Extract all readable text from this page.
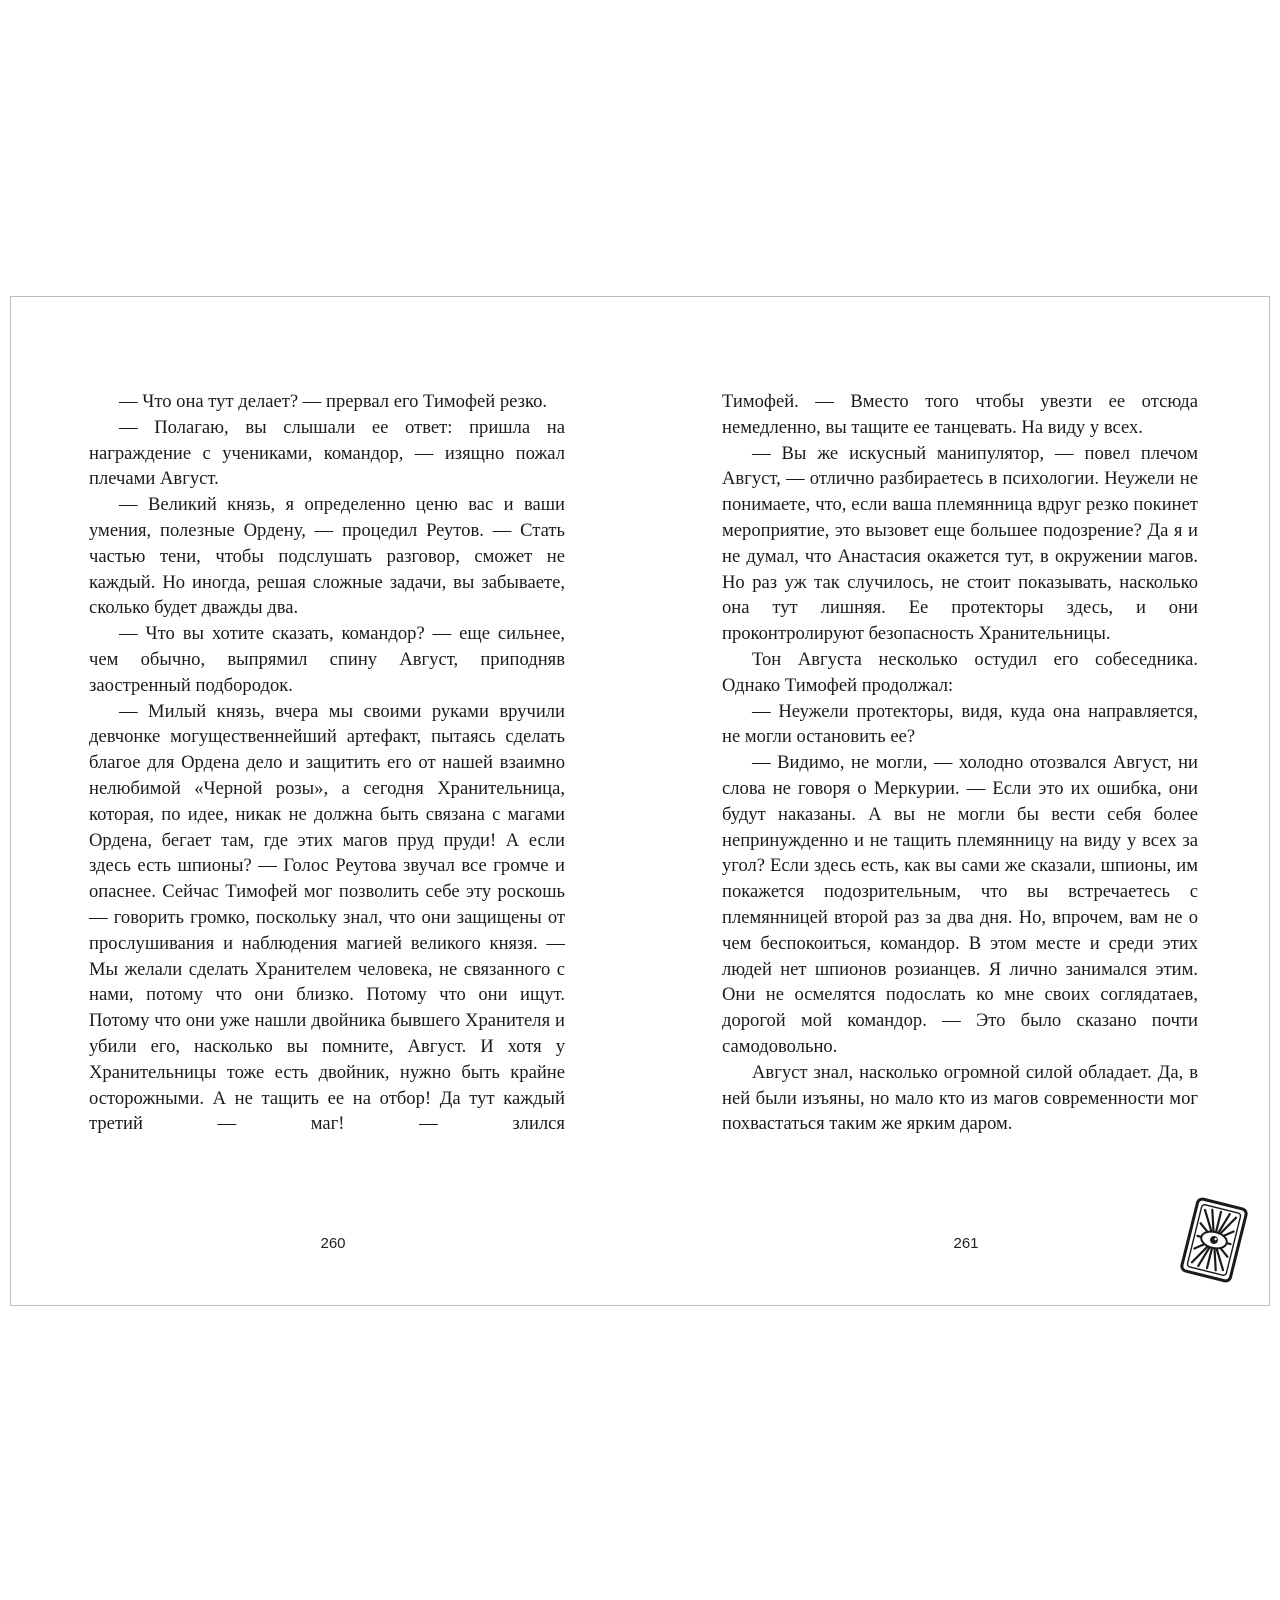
— Что она тут делает? — прервал его Тимофей резко.

— Полагаю, вы слышали ее ответ: пришла на награждение с учениками, командор, — изящно пожал плечами Август.

— Великий князь, я определенно ценю вас и ваши умения, полезные Ордену, — процедил Реутов. — Стать частью тени, чтобы подслушать разговор, сможет не каждый. Но иногда, решая сложные задачи, вы забываете, сколько будет дважды два.

— Что вы хотите сказать, командор? — еще сильнее, чем обычно, выпрямил спину Август, приподняв заостренный подбородок.

— Милый князь, вчера мы своими руками вручили девчонке могущественнейший артефакт, пытаясь сделать благое для Ордена дело и защитить его от нашей взаимно нелюбимой «Черной розы», а сегодня Хранительница, которая, по идее, никак не должна быть связана с магами Ордена, бегает там, где этих магов пруд пруди! А если здесь есть шпионы? — Голос Реутова звучал все громче и опаснее. Сейчас Тимофей мог позволить себе эту роскошь — говорить громко, поскольку знал, что они защищены от прослушивания и наблюдения магией великого князя. — Мы желали сделать Хранителем человека, не связанного с нами, потому что они близко. Потому что они ищут. Потому что они уже нашли двойника бывшего Хранителя и убили его, насколько вы помните, Август. И хотя у Хранительницы тоже есть двойник, нужно быть крайне осторожными. А не тащить ее на отбор! Да тут каждый третий — маг! — злился

260

Тимофей. — Вместо того чтобы увезти ее отсюда немедленно, вы тащите ее танцевать. На виду у всех.

— Вы же искусный манипулятор, — повел плечом Август, — отлично разбираетесь в психологии. Неужели не понимаете, что, если ваша племянница вдруг резко покинет мероприятие, это вызовет еще большее подозрение? Да я и не думал, что Анастасия окажется тут, в окружении магов. Но раз уж так случилось, не стоит показывать, насколько она тут лишняя. Ее протекторы здесь, и они проконтролируют безопасность Хранительницы.

Тон Августа несколько остудил его собеседника. Однако Тимофей продолжал:

— Неужели протекторы, видя, куда она направляется, не могли остановить ее?

— Видимо, не могли, — холодно отозвался Август, ни слова не говоря о Меркурии. — Если это их ошибка, они будут наказаны. А вы не могли бы вести себя более непринужденно и не тащить племянницу на виду у всех за угол? Если здесь есть, как вы сами же сказали, шпионы, им покажется подозрительным, что вы встречаетесь с племянницей второй раз за два дня. Но, впрочем, вам не о чем беспокоиться, командор. В этом месте и среди этих людей нет шпионов розианцев. Я лично занимался этим. Они не осмелятся подослать ко мне своих соглядатаев, дорогой мой командор. — Это было сказано почти самодовольно.

Август знал, насколько огромной силой обладает. Да, в ней были изъяны, но мало кто из магов современности мог похвастаться таким же ярким даром.

261
